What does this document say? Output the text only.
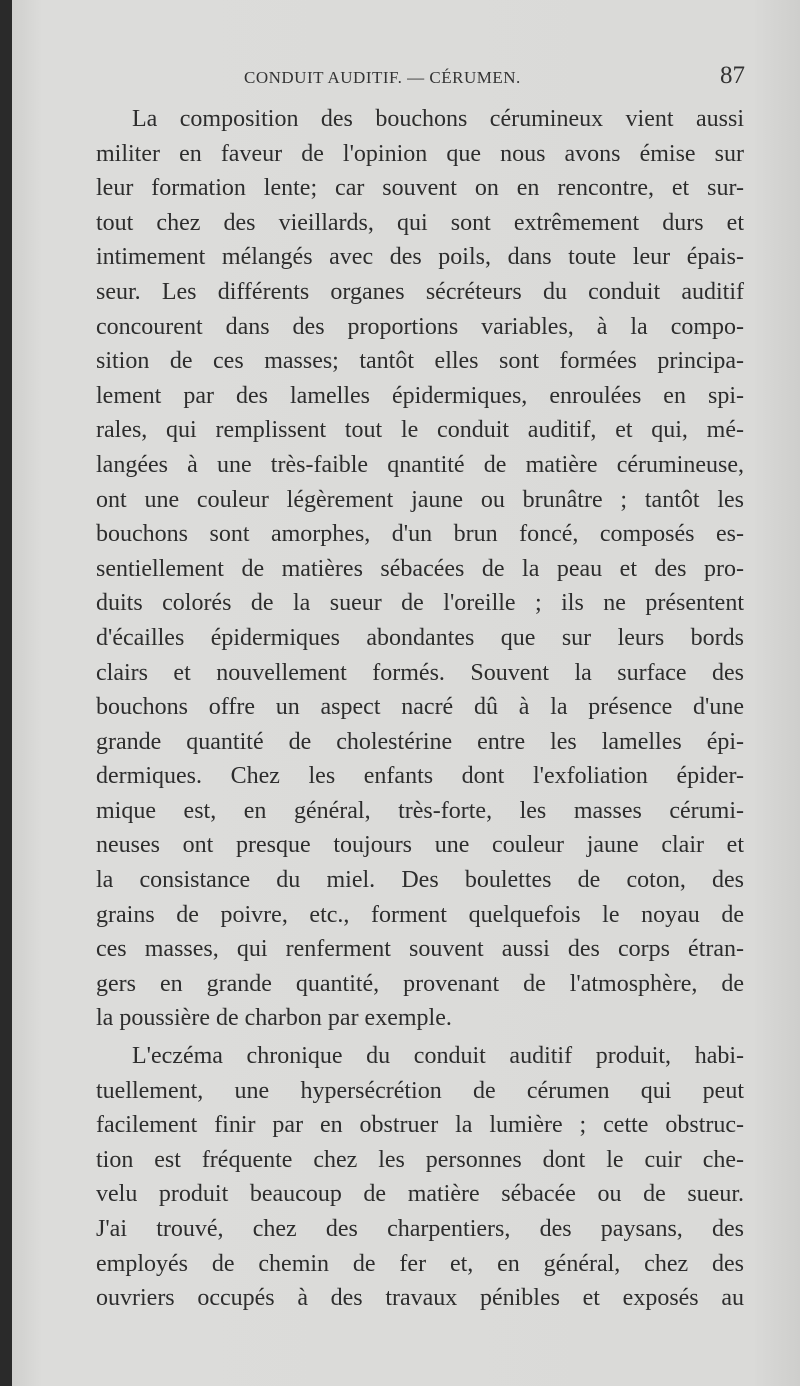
CONDUIT AUDITIF. — CÉRUMEN.	87
La composition des bouchons cérumineux vient aussi
militer en faveur de l'opinion que nous avons émise sur
leur formation lente; car souvent on en rencontre, et sur-
tout chez des vieillards, qui sont extrêmement durs et
intimement mélangés avec des poils, dans toute leur épais-
seur. Les différents organes sécréteurs du conduit auditif
concourent dans des proportions variables, à la compo-
sition de ces masses; tantôt elles sont formées principa-
lement par des lamelles épidermiques, enroulées en spi-
rales, qui remplissent tout le conduit auditif, et qui, mé-
langées à une très-faible qnantité de matière cérumineuse,
ont une couleur légèrement jaune ou brunâtre ; tantôt les
bouchons sont amorphes, d'un brun foncé, composés es-
sentiellement de matières sébacées de la peau et des pro-
duits colorés de la sueur de l'oreille ; ils ne présentent
d'écailles épidermiques abondantes que sur leurs bords
clairs et nouvellement formés. Souvent la surface des
bouchons offre un aspect nacré dû à la présence d'une
grande quantité de cholestérine entre les lamelles épi-
dermiques. Chez les enfants dont l'exfoliation épider-
mique est, en général, très-forte, les masses cérumi-
neuses ont presque toujours une couleur jaune clair et
la consistance du miel. Des boulettes de coton, des
grains de poivre, etc., forment quelquefois le noyau de
ces masses, qui renferment souvent aussi des corps étran-
gers en grande quantité, provenant de l'atmosphère, de
la poussière de charbon par exemple.
L'eczéma chronique du conduit auditif produit, habi-
tuellement, une hypersécrétion de cérumen qui peut
facilement finir par en obstruer la lumière ; cette obstruc-
tion est fréquente chez les personnes dont le cuir che-
velu produit beaucoup de matière sébacée ou de sueur.
J'ai trouvé, chez des charpentiers, des paysans, des
employés de chemin de fer et, en général, chez des
ouvriers occupés à des travaux pénibles et exposés au
